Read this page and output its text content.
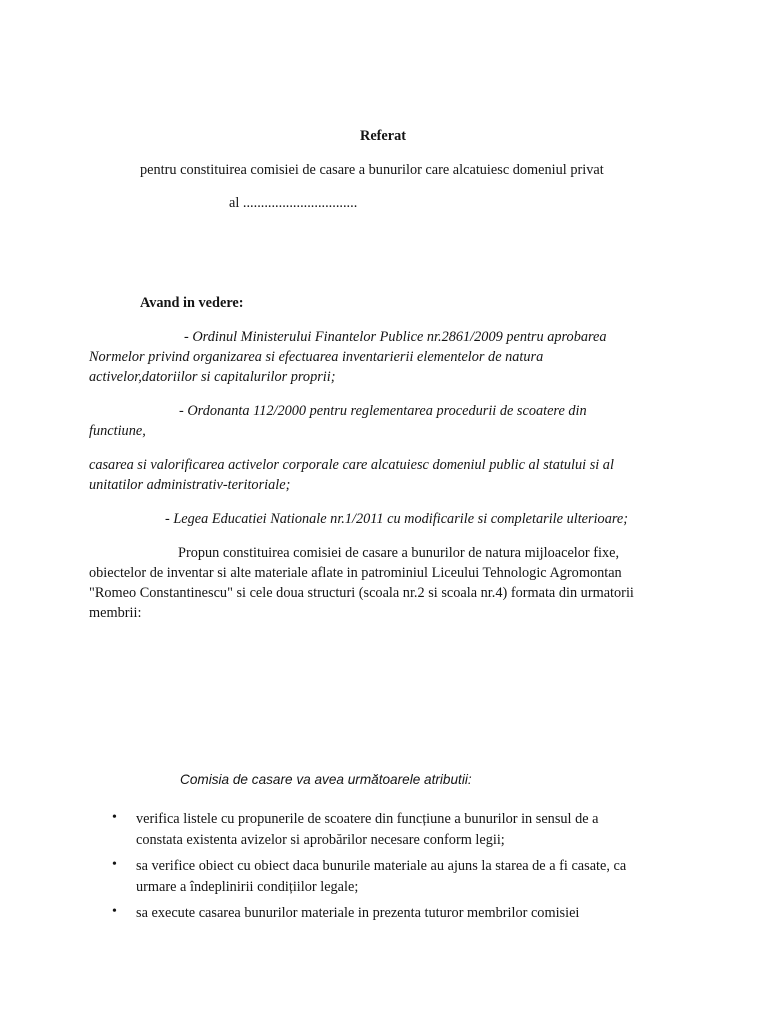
Referat
pentru constituirea comisiei de casare a bunurilor care alcatuiesc domeniul privat
al ................................
Avand in vedere:
- Ordinul Ministerului Finantelor Publice nr.2861/2009 pentru aprobarea
Normelor privind organizarea si efectuarea inventarierii elementelor de natura
activelor,datoriilor si capitalurilor proprii;
- Ordonanta 112/2000 pentru reglementarea procedurii de scoatere din
functiune,
casarea si valorificarea activelor corporale care alcatuiesc domeniul public al statului si al
unitatilor administrativ-teritoriale;
- Legea Educatiei Nationale nr.1/2011 cu modificarile si completarile ulterioare;
Propun constituirea comisiei de casare a bunurilor de natura mijloacelor fixe,
obiectelor de inventar si alte materiale aflate in patrominiul Liceului Tehnologic Agromontan
"Romeo Constantinescu" si cele doua structuri (scoala nr.2 si scoala nr.4) formata din urmatorii
membrii:
Comisia de casare va avea următoarele atributii:
• verifica listele cu propunerile de scoatere din funcțiune a bunurilor in sensul de a
constata existenta avizelor si aprobărilor necesare conform legii;
• sa verifice obiect cu obiect daca bunurile materiale au ajuns la starea de a fi casate, ca
urmare a îndeplinirii condițiilor legale;
• sa execute casarea bunurilor materiale in prezenta tuturor membrilor comisiei
